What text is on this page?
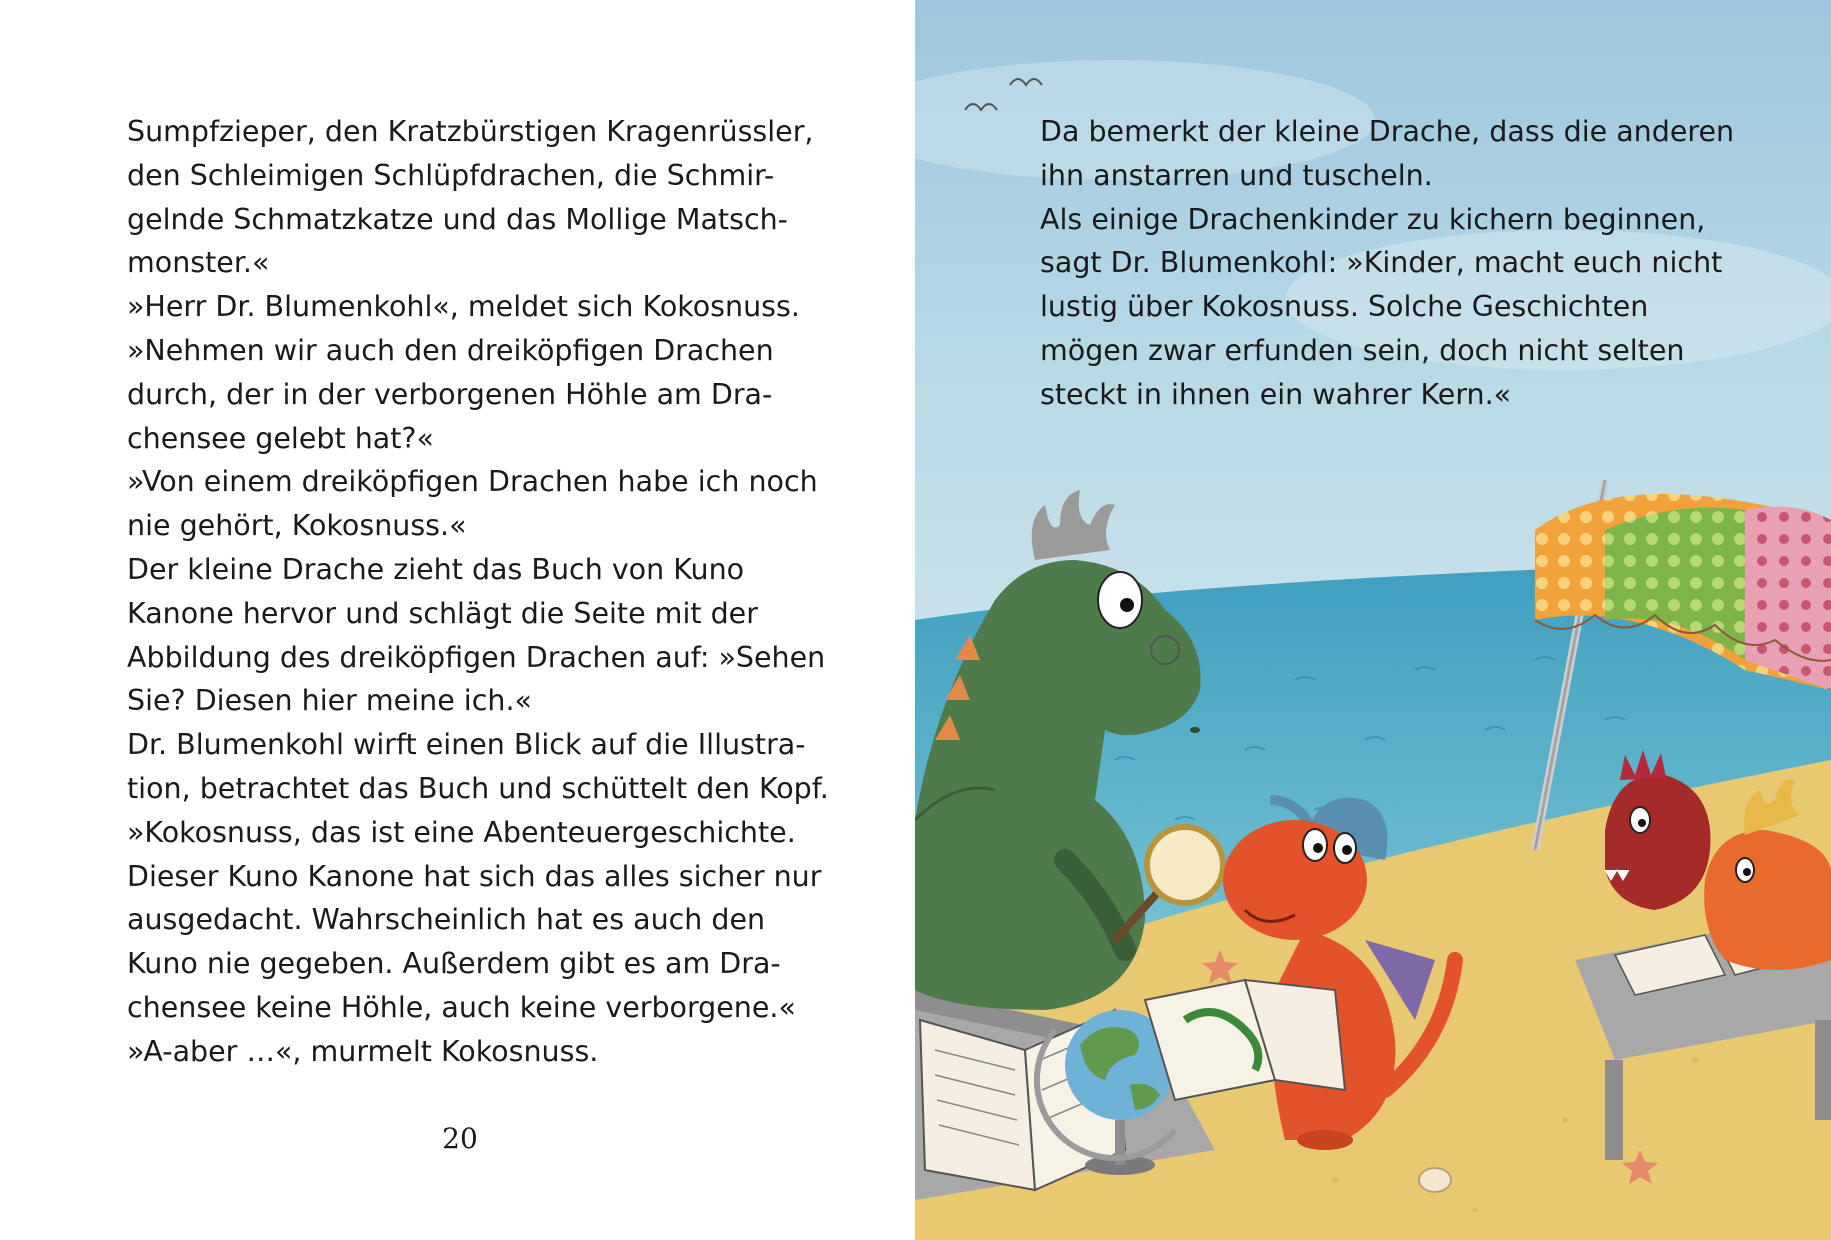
Sumpfzieper, den Kratzbürstigen Kragenrüssler,
den Schleimigen Schlüpfdrachen, die Schmir-
gelnde Schmatzkatze und das Mollige Matsch-
monster.«
»Herr Dr. Blumenkohl«, meldet sich Kokosnuss.
»Nehmen wir auch den dreiköpfigen Drachen
durch, der in der verborgenen Höhle am Dra-
chensee gelebt hat?«
»Von einem dreiköpfigen Drachen habe ich noch
nie gehört, Kokosnuss.«
Der kleine Drache zieht das Buch von Kuno
Kanone hervor und schlägt die Seite mit der
Abbildung des dreiköpfigen Drachen auf: »Sehen
Sie? Diesen hier meine ich.«
Dr. Blumenkohl wirft einen Blick auf die Illustra-
tion, betrachtet das Buch und schüttelt den Kopf.
»Kokosnuss, das ist eine Abenteuergeschichte.
Dieser Kuno Kanone hat sich das alles sicher nur
ausgedacht. Wahrscheinlich hat es auch den
Kuno nie gegeben. Außerdem gibt es am Dra-
chensee keine Höhle, auch keine verborgene.«
»A-aber …«, murmelt Kokosnuss.
20
Da bemerkt der kleine Drache, dass die anderen
ihn anstarren und tuscheln.
Als einige Drachenkinder zu kichern beginnen,
sagt Dr. Blumenkohl: »Kinder, macht euch nicht
lustig über Kokosnuss. Solche Geschichten
mögen zwar erfunden sein, doch nicht selten
steckt in ihnen ein wahrer Kern.«
